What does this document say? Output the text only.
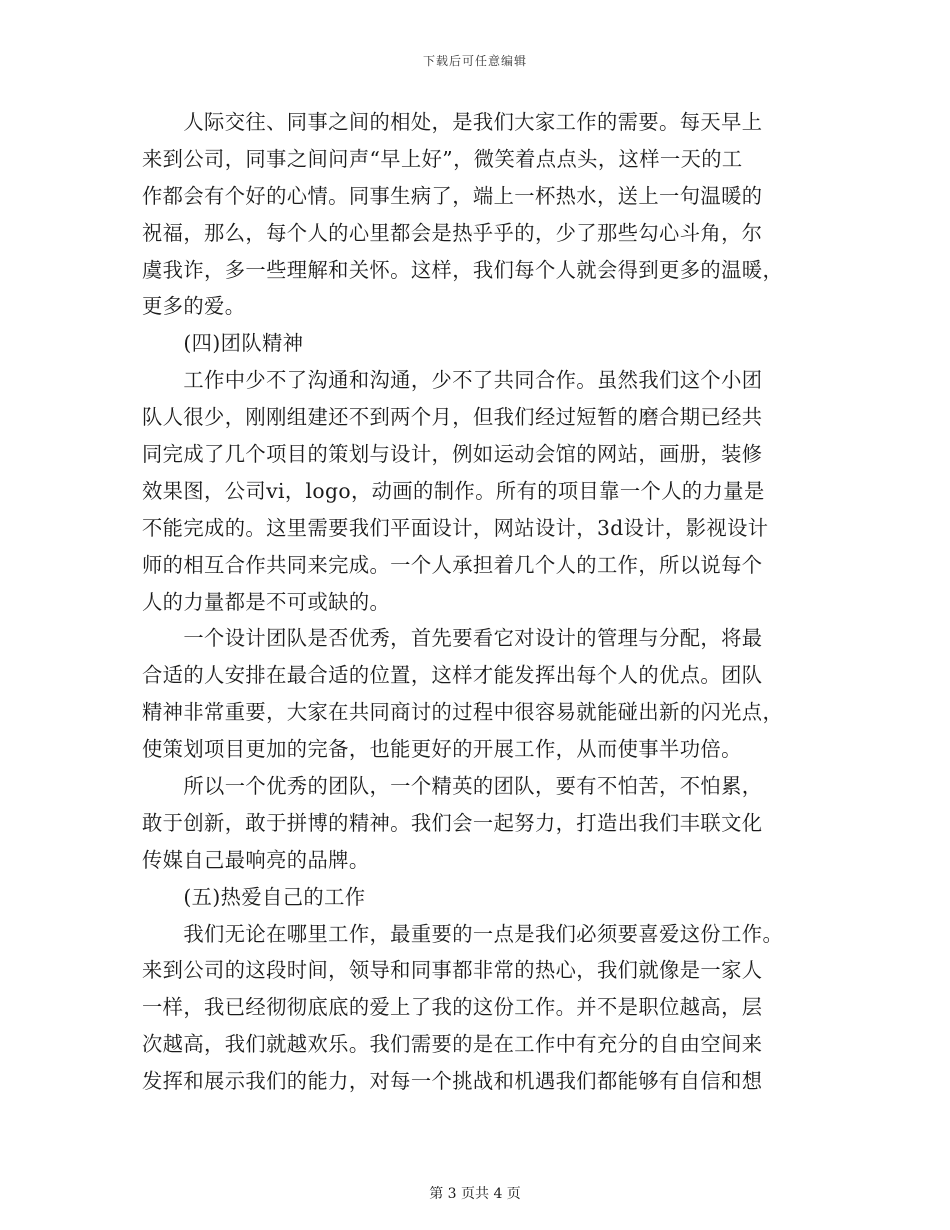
下载后可任意编辑
　　人际交往、同事之间的相处，是我们大家工作的需要。每天早上
来到公司，同事之间问声“早上好”，微笑着点点头，这样一天的工
作都会有个好的心情。同事生病了，端上一杯热水，送上一句温暖的
祝福，那么，每个人的心里都会是热乎乎的，少了那些勾心斗角，尔
虞我诈，多一些理解和关怀。这样，我们每个人就会得到更多的温暖，
更多的爱。
　　(四)团队精神
　　工作中少不了沟通和沟通，少不了共同合作。虽然我们这个小团
队人很少，刚刚组建还不到两个月，但我们经过短暂的磨合期已经共
同完成了几个项目的策划与设计，例如运动会馆的网站，画册，装修
效果图，公司vi，logo，动画的制作。所有的项目靠一个人的力量是
不能完成的。这里需要我们平面设计，网站设计，3d设计，影视设计
师的相互合作共同来完成。一个人承担着几个人的工作，所以说每个
人的力量都是不可或缺的。
　　一个设计团队是否优秀，首先要看它对设计的管理与分配，将最
合适的人安排在最合适的位置，这样才能发挥出每个人的优点。团队
精神非常重要，大家在共同商讨的过程中很容易就能碰出新的闪光点，
使策划项目更加的完备，也能更好的开展工作，从而使事半功倍。
　　所以一个优秀的团队，一个精英的团队，要有不怕苦，不怕累，
敢于创新，敢于拼博的精神。我们会一起努力，打造出我们丰联文化
传媒自己最响亮的品牌。
　　(五)热爱自己的工作
　　我们无论在哪里工作，最重要的一点是我们必须要喜爱这份工作。
来到公司的这段时间，领导和同事都非常的热心，我们就像是一家人
一样，我已经彻彻底底的爱上了我的这份工作。并不是职位越高，层
次越高，我们就越欢乐。我们需要的是在工作中有充分的自由空间来
发挥和展示我们的能力，对每一个挑战和机遇我们都能够有自信和想
第 3 页共 4 页
